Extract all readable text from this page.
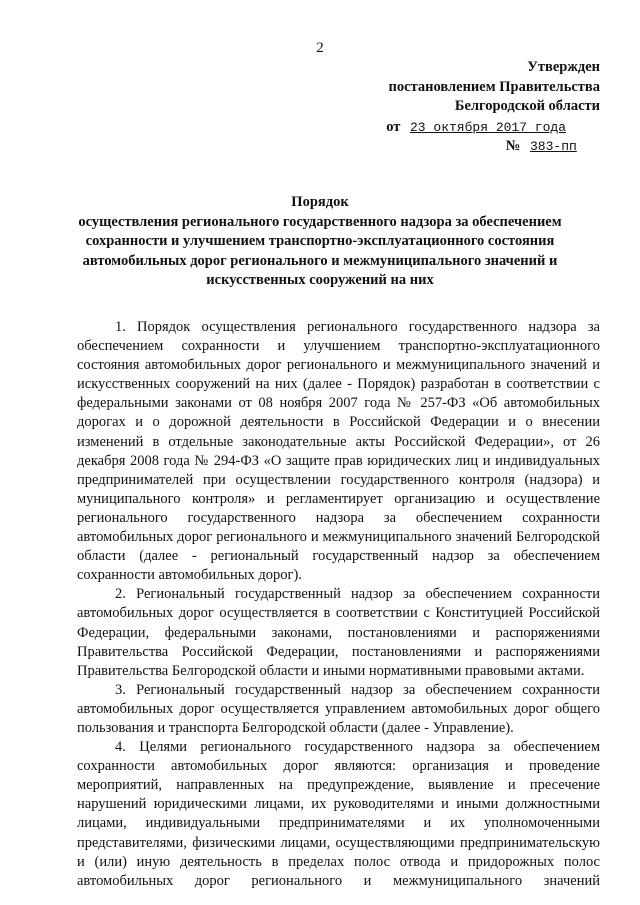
2
Утвержден
постановлением Правительства
Белгородской области
от 23 октября 2017 года
№ 383-пп
Порядок
осуществления регионального государственного надзора за обеспечением
сохранности и улучшением транспортно-эксплуатационного состояния
автомобильных дорог регионального и межмуниципального значений и
искусственных сооружений на них

1. Порядок осуществления регионального государственного надзора за обеспечением сохранности и улучшением транспортно-эксплуатационного состояния автомобильных дорог регионального и межмуниципального значений и искусственных сооружений на них (далее - Порядок) разработан в соответствии с федеральными законами от 08 ноября 2007 года № 257-ФЗ «Об автомобильных дорогах и о дорожной деятельности в Российской Федерации и о внесении изменений в отдельные законодательные акты Российской Федерации», от 26 декабря 2008 года № 294-ФЗ «О защите прав юридических лиц и индивидуальных предпринимателей при осуществлении государственного контроля (надзора) и муниципального контроля» и регламентирует организацию и осуществление регионального государственного надзора за обеспечением сохранности автомобильных дорог регионального и межмуниципального значений Белгородской области (далее - региональный государственный надзор за обеспечением сохранности автомобильных дорог).

2. Региональный государственный надзор за обеспечением сохранности автомобильных дорог осуществляется в соответствии с Конституцией Российской Федерации, федеральными законами, постановлениями и распоряжениями Правительства Российской Федерации, постановлениями и распоряжениями Правительства Белгородской области и иными нормативными правовыми актами.

3. Региональный государственный надзор за обеспечением сохранности автомобильных дорог осуществляется управлением автомобильных дорог общего пользования и транспорта Белгородской области (далее - Управление).

4. Целями регионального государственного надзора за обеспечением сохранности автомобильных дорог являются: организация и проведение мероприятий, направленных на предупреждение, выявление и пресечение нарушений юридическими лицами, их руководителями и иными должностными лицами, индивидуальными предпринимателями и их уполномоченными представителями, физическими лицами, осуществляющими предпринимательскую и (или) иную деятельность в пределах полос отвода и придорожных полос автомобильных дорог регионального и межмуниципального значений
